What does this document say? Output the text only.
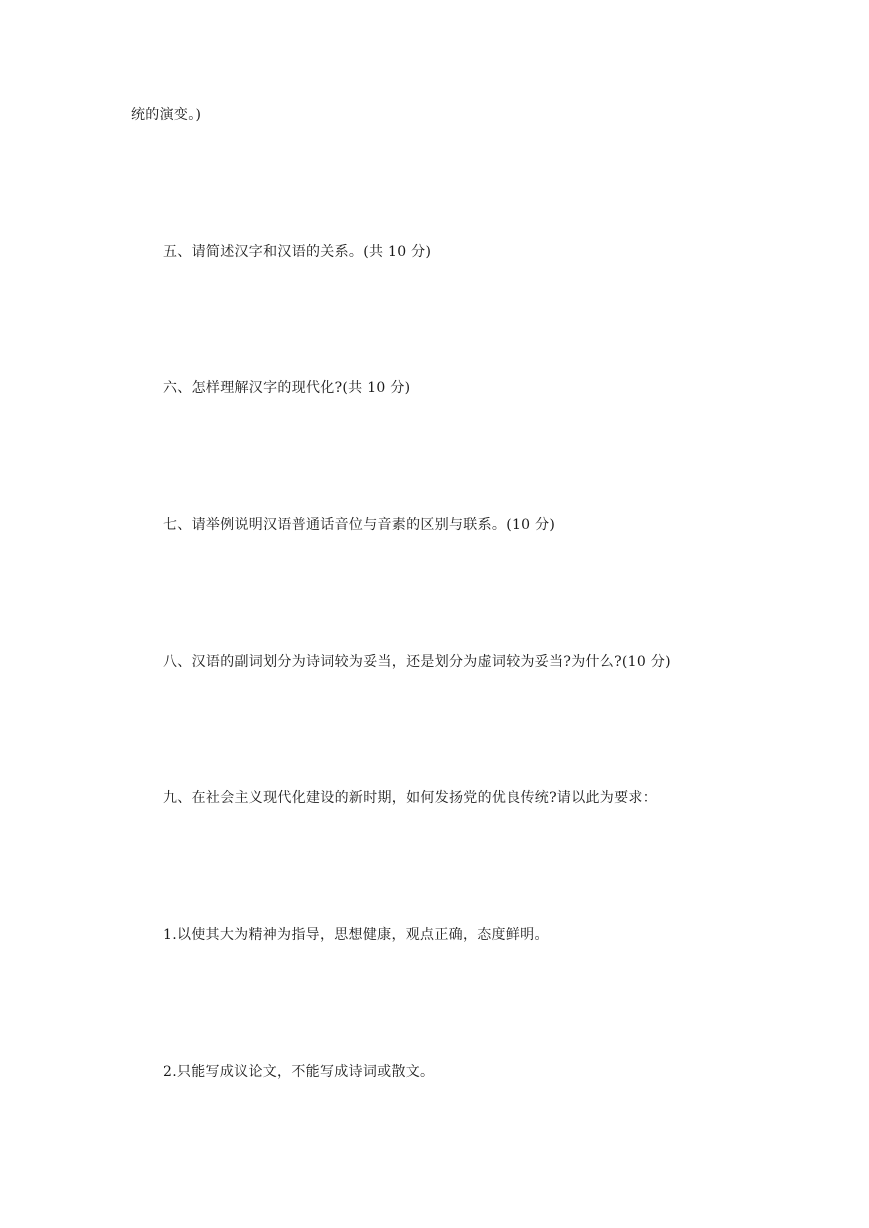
统的演变。)
五、请简述汉字和汉语的关系。(共 10 分)
六、怎样理解汉字的现代化?(共 10 分)
七、请举例说明汉语普通话音位与音素的区别与联系。(10 分)
八、汉语的副词划分为诗词较为妥当，还是划分为虚词较为妥当?为什么?(10 分)
九、在社会主义现代化建设的新时期，如何发扬党的优良传统?请以此为要求：
1.以使其大为精神为指导，思想健康，观点正确，态度鲜明。
2.只能写成议论文，不能写成诗词或散文。
